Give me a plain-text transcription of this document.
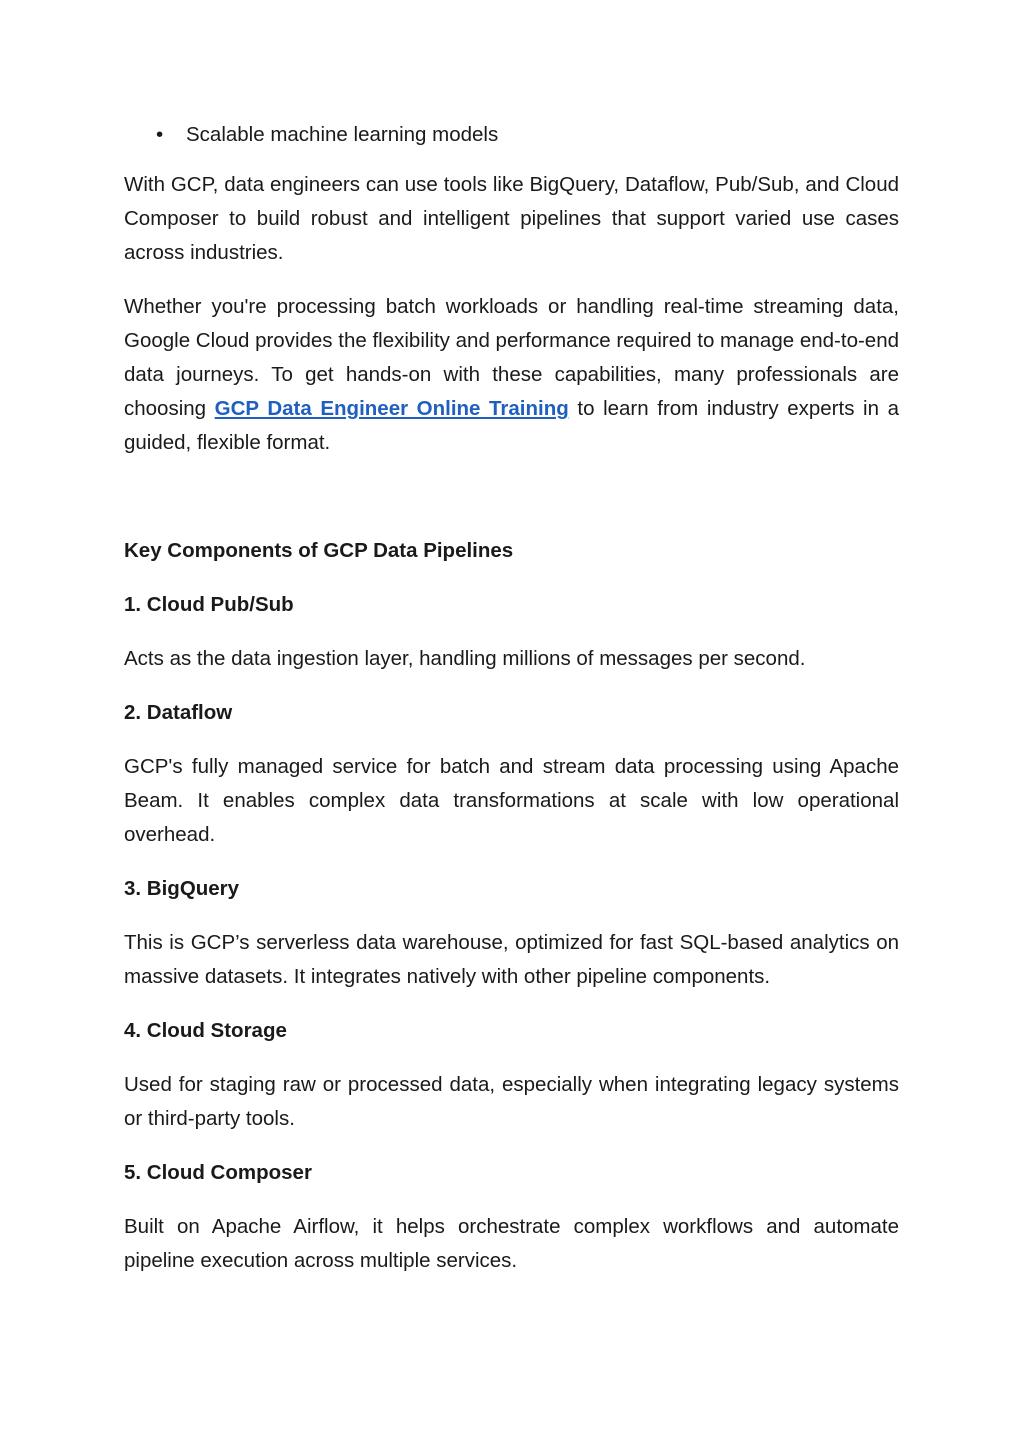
• Scalable machine learning models

With GCP, data engineers can use tools like BigQuery, Dataflow, Pub/Sub, and Cloud Composer to build robust and intelligent pipelines that support varied use cases across industries.

Whether you're processing batch workloads or handling real-time streaming data, Google Cloud provides the flexibility and performance required to manage end-to-end data journeys. To get hands-on with these capabilities, many professionals are choosing GCP Data Engineer Online Training to learn from industry experts in a guided, flexible format.

Key Components of GCP Data Pipelines
1. Cloud Pub/Sub

Acts as the data ingestion layer, handling millions of messages per second.

2. Dataflow

GCP's fully managed service for batch and stream data processing using Apache Beam. It enables complex data transformations at scale with low operational overhead.

3. BigQuery

This is GCP’s serverless data warehouse, optimized for fast SQL-based analytics on massive datasets. It integrates natively with other pipeline components.

4. Cloud Storage

Used for staging raw or processed data, especially when integrating legacy systems or third-party tools.

5. Cloud Composer

Built on Apache Airflow, it helps orchestrate complex workflows and automate pipeline execution across multiple services.
